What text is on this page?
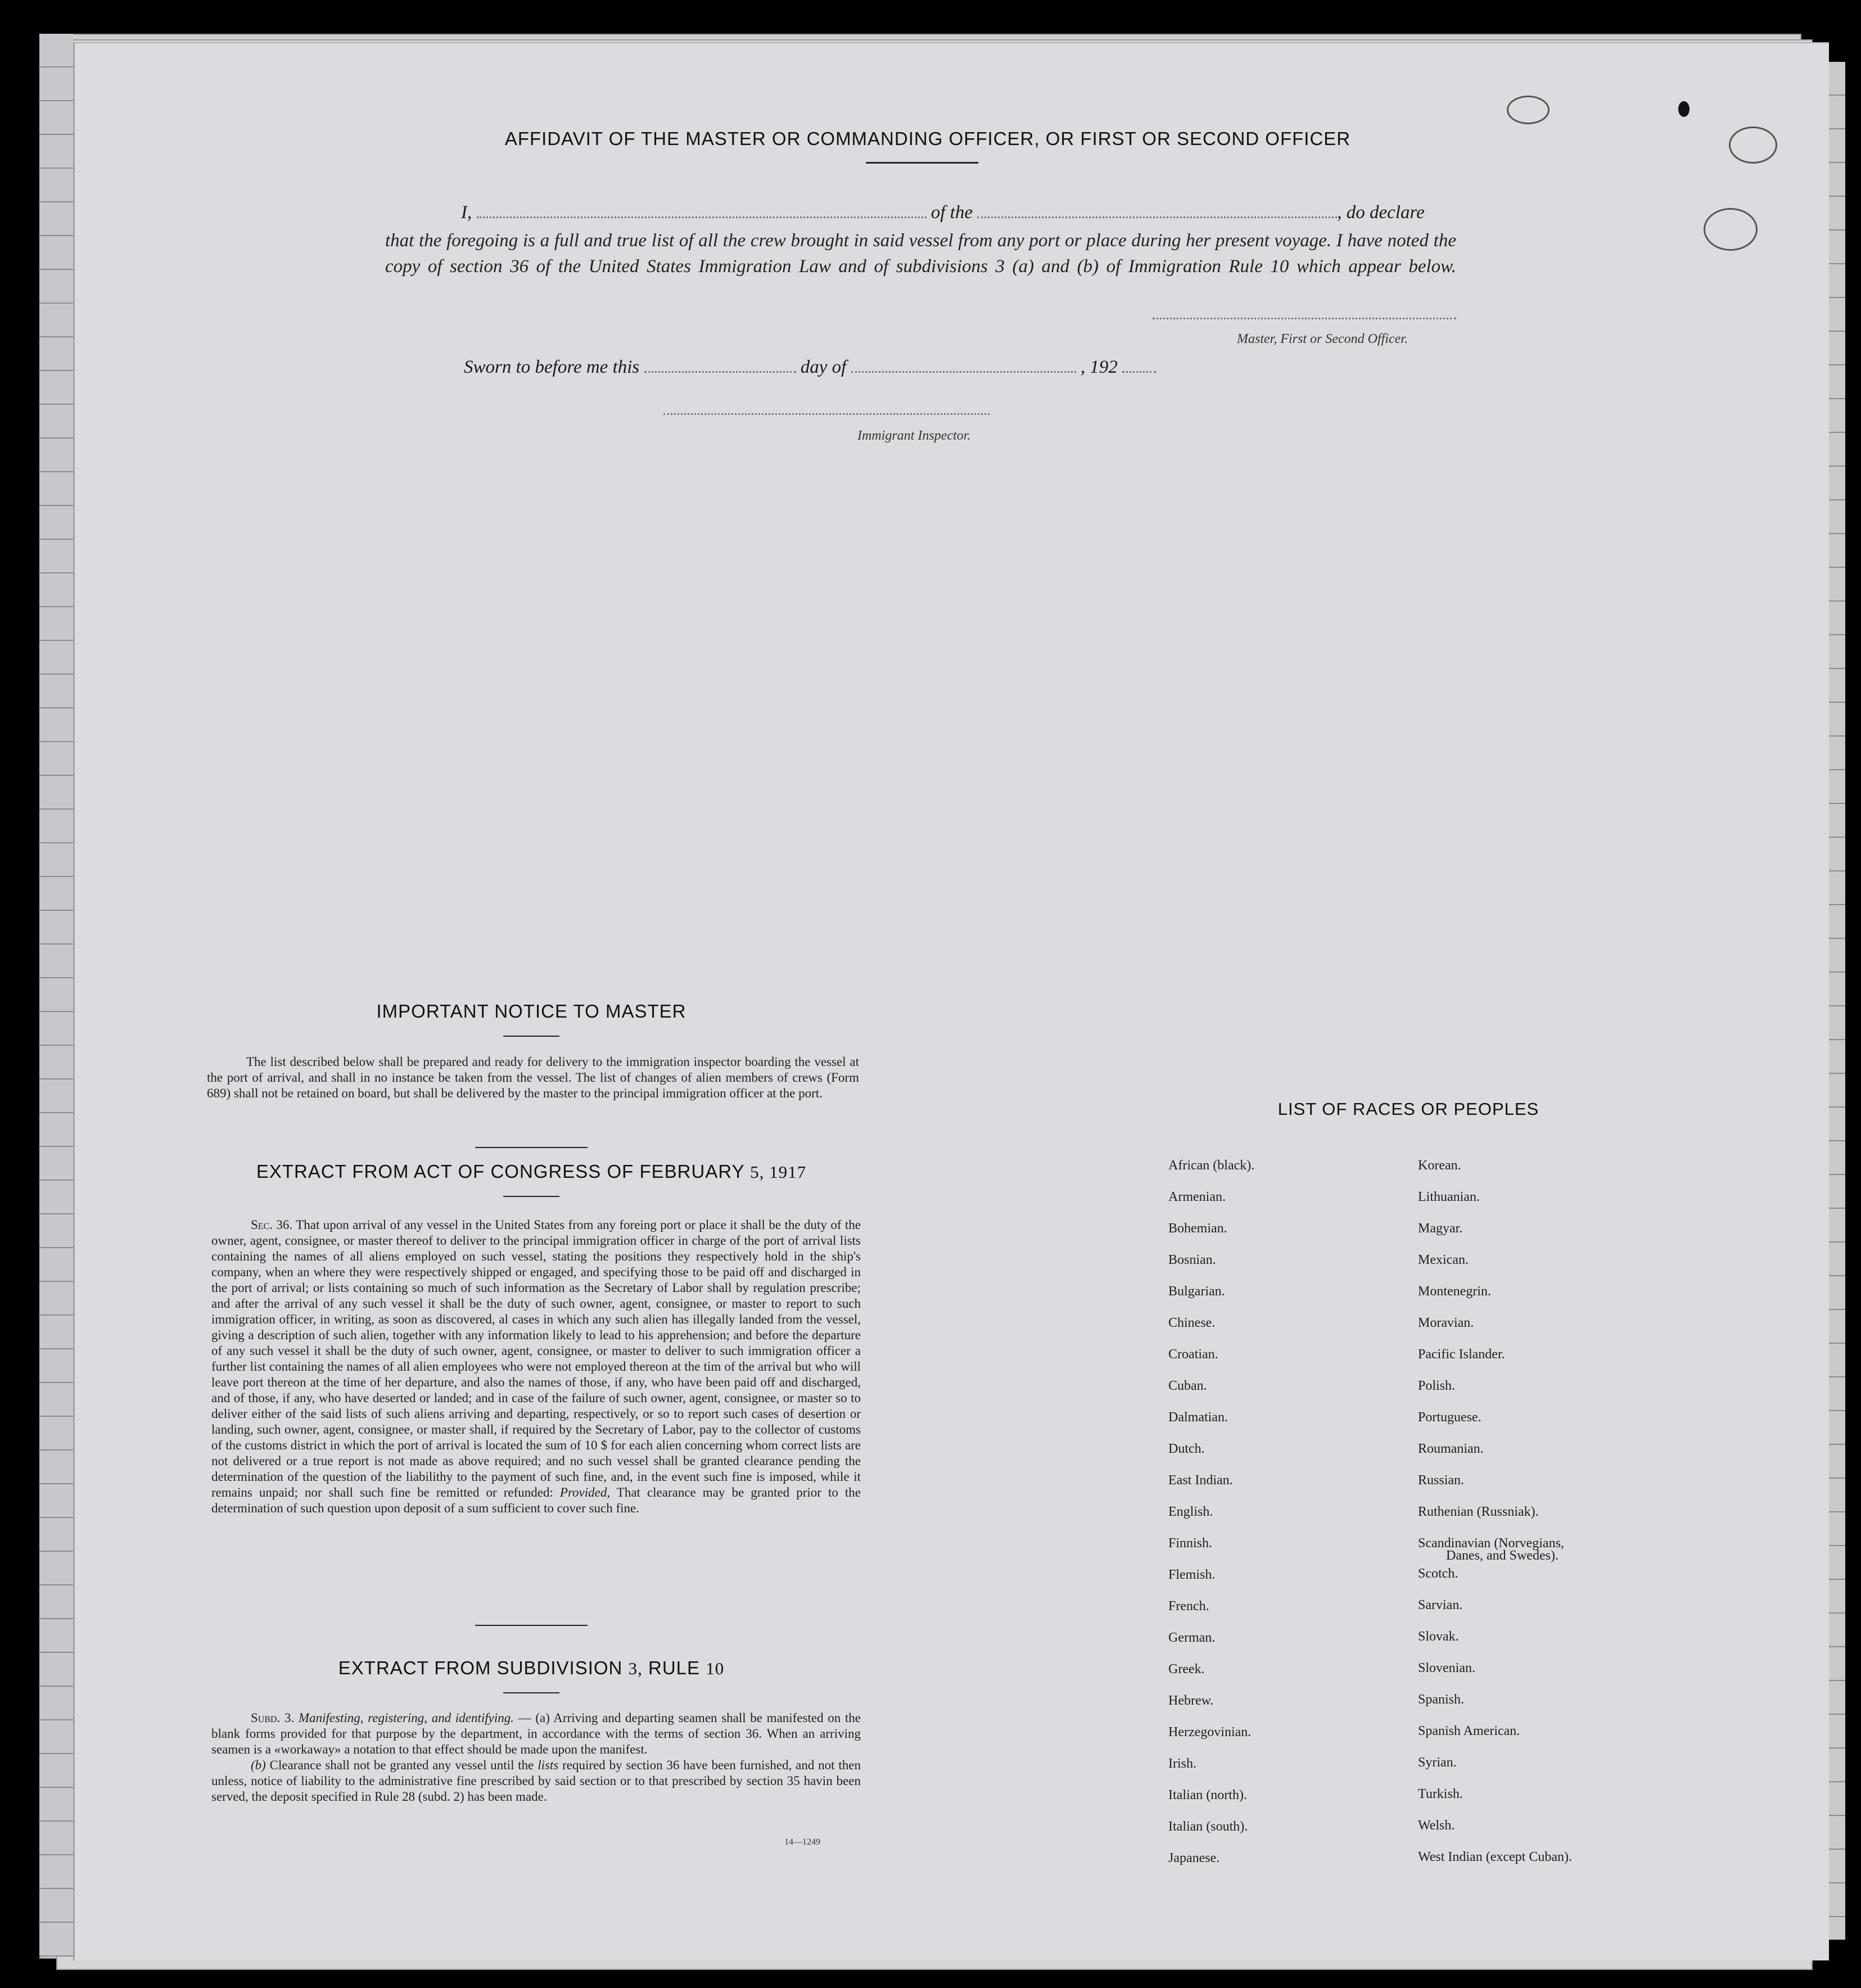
AFFIDAVIT OF THE MASTER OR COMMANDING OFFICER, OR FIRST OR SECOND OFFICER
I,	of the	, do declare
that the foregoing is a full and true list of all the crew brought in said vessel from any port or place during her present voyage. I have noted the copy of section 36 of the United States Immigration Law and of subdivisions 3 (a) and (b) of Immigration Rule 10 which appear below.
Master, First or Second Officer.
Sworn to before me this	day of	, 192
Immigrant Inspector.
IMPORTANT NOTICE TO MASTER

The list described below shall be prepared and ready for delivery to the immigration inspector boarding the vessel at the port of arrival, and shall in no instance be taken from the vessel. The list of changes of alien members of crews (Form 689) shall not be retained on board, but shall be delivered by the master to the principal immigration officer at the port.

EXTRACT FROM ACT OF CONGRESS OF FEBRUARY 5, 1917

Sec. 36. That upon arrival of any vessel in the United States from any foreing port or place it shall be the duty of the owner, agent, consignee, or master thereof to deliver to the principal immigration officer in charge of the port of arrival lists containing the names of all aliens employed on such vessel, stating the positions they respectively hold in the ship's company, when an where they were respectively shipped or engaged, and specifying those to be paid off and discharged in the port of arrival; or lists containing so much of such information as the Secretary of Labor shall by regulation prescribe; and after the arrival of any such vessel it shall be the duty of such owner, agent, consignee, or master to report to such immigration officer, in writing, as soon as discovered, al cases in which any such alien has illegally landed from the vessel, giving a description of such alien, together with any information likely to lead to his apprehension; and before the departure of any such vessel it shall be the duty of such owner, agent, consignee, or master to deliver to such immigration officer a further list containing the names of all alien employees who were not employed thereon at the tim of the arrival but who will leave port thereon at the time of her departure, and also the names of those, if any, who have been paid off and discharged, and of those, if any, who have deserted or landed; and in case of the failure of such owner, agent, consignee, or master so to deliver either of the said lists of such aliens arriving and departing, respectively, or so to report such cases of desertion or landing, such owner, agent, consignee, or master shall, if required by the Secretary of Labor, pay to the collector of customs of the customs district in which the port of arrival is located the sum of 10 $ for each alien concerning whom correct lists are not delivered or a true report is not made as above required; and no such vessel shall be granted clearance pending the determination of the question of the liabilithy to the payment of such fine, and, in the event such fine is imposed, while it remains unpaid; nor shall such fine be remitted or refunded: Provided, That clearance may be granted prior to the determination of such question upon deposit of a sum sufficient to cover such fine.

EXTRACT FROM SUBDIVISION 3, RULE 10

Subd. 3. Manifesting, registering, and identifying. — (a) Arriving and departing seamen shall be manifested on the blank forms provided for that purpose by the department, in accordance with the terms of section 36. When an arriving seamen is a «workaway» a notation to that effect should be made upon the manifest.

(b) Clearance shall not be granted any vessel until the lists required by section 36 have been furnished, and not then unless, notice of liability to the administrative fine prescribed by said section or to that prescribed by section 35 havin been served, the deposit specified in Rule 28 (subd. 2) has been made.

14—1249
LIST OF RACES OR PEOPLES
African (black).
Armenian.
Bohemian.
Bosnian.
Bulgarian.
Chinese.
Croatian.
Cuban.
Dalmatian.
Dutch.
East Indian.
English.
Finnish.
Flemish.
French.
German.
Greek.
Hebrew.
Herzegovinian.
Irish.
Italian (north).
Italian (south).
Japanese.
Korean.
Lithuanian.
Magyar.
Mexican.
Montenegrin.
Moravian.
Pacific Islander.
Polish.
Portuguese.
Roumanian.
Russian.
Ruthenian (Russniak).
Scandinavian (Norvegians,
Danes, and Swedes).
Scotch.
Sarvian.
Slovak.
Slovenian.
Spanish.
Spanish American.
Syrian.
Turkish.
Welsh.
West Indian (except Cuban).
